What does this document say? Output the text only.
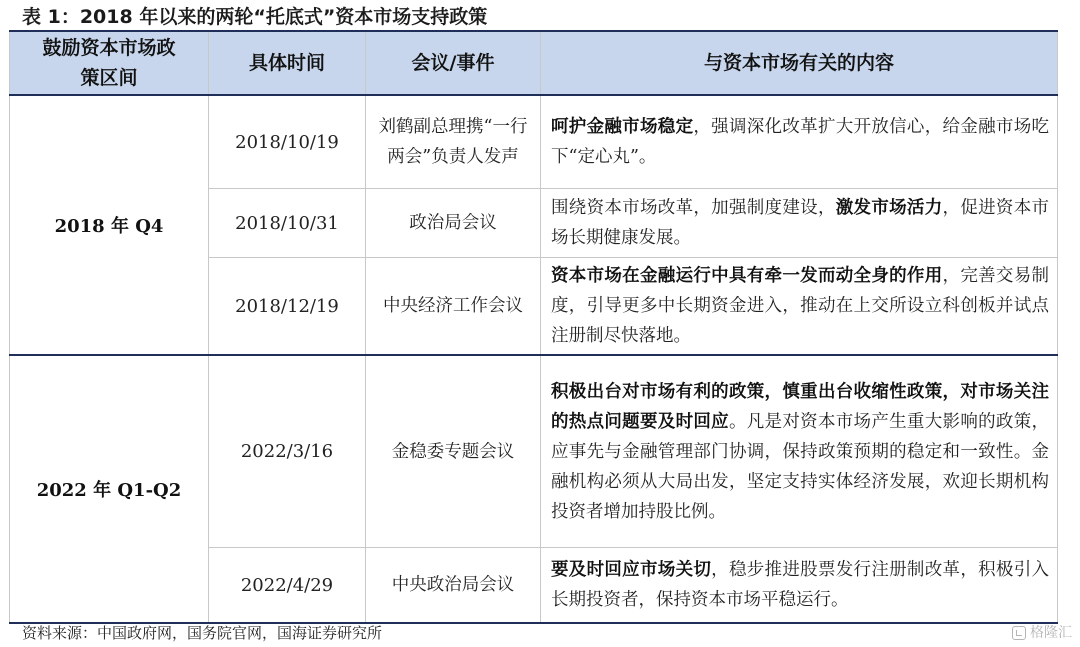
表 1：2018 年以来的两轮“托底式”资本市场支持政策
鼓励资本市场政策区间	具体时间	会议/事件	与资本市场有关的内容
2018 年 Q4	2018/10/19	刘鹤副总理携“一行两会”负责人发声	呵护金融市场稳定，强调深化改革扩大开放信心，给金融市场吃下“定心丸”。
	2018/10/31	政治局会议	围绕资本市场改革，加强制度建设，激发市场活力，促进资本市场长期健康发展。
	2018/12/19	中央经济工作会议	资本市场在金融运行中具有牵一发而动全身的作用，完善交易制度，引导更多中长期资金进入，推动在上交所设立科创板并试点注册制尽快落地。
2022 年 Q1-Q2	2022/3/16	金稳委专题会议	积极出台对市场有利的政策，慎重出台收缩性政策，对市场关注的热点问题要及时回应。凡是对资本市场产生重大影响的政策，应事先与金融管理部门协调，保持政策预期的稳定和一致性。金融机构必须从大局出发，坚定支持实体经济发展，欢迎长期机构投资者增加持股比例。
	2022/4/29	中央政治局会议	要及时回应市场关切，稳步推进股票发行注册制改革，积极引入长期投资者，保持资本市场平稳运行。
资料来源：中国政府网，国务院官网，国海证券研究所	格隆汇
